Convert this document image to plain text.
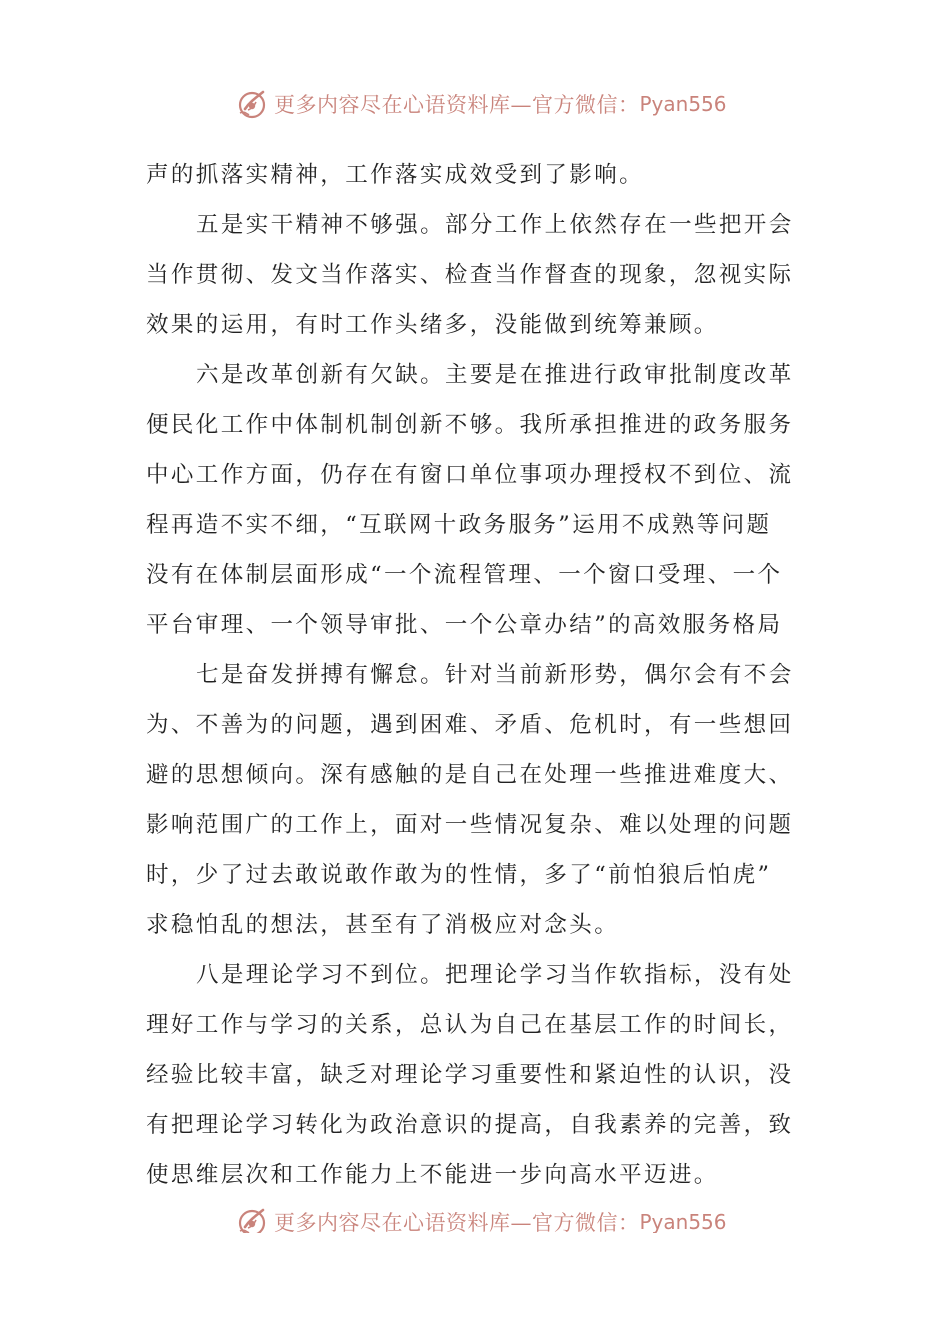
更多内容尽在心语资料库—官方微信： Pyan556
声的抓落实精神，工作落实成效受到了影响。
五是实干精神不够强。部分工作上依然存在一些把开会
当作贯彻、发文当作落实、检查当作督查的现象，忽视实际
效果的运用，有时工作头绪多，没能做到统筹兼顾。
六是改革创新有欠缺。主要是在推进行政审批制度改革
便民化工作中体制机制创新不够。我所承担推进的政务服务
中心工作方面，仍存在有窗口单位事项办理授权不到位、流
程再造不实不细，“互联网十政务服务”运用不成熟等问题
没有在体制层面形成“一个流程管理、一个窗口受理、一个
平台审理、一个领导审批、一个公章办结”的高效服务格局
七是奋发拼搏有懈怠。针对当前新形势，偶尔会有不会
为、不善为的问题，遇到困难、矛盾、危机时，有一些想回
避的思想倾向。深有感触的是自己在处理一些推进难度大、
影响范围广的工作上，面对一些情况复杂、难以处理的问题
时，少了过去敢说敢作敢为的性情，多了“前怕狼后怕虎”
求稳怕乱的想法，甚至有了消极应对念头。
八是理论学习不到位。把理论学习当作软指标，没有处
理好工作与学习的关系，总认为自己在基层工作的时间长，
经验比较丰富，缺乏对理论学习重要性和紧迫性的认识，没
有把理论学习转化为政治意识的提高，自我素养的完善，致
使思维层次和工作能力上不能进一步向高水平迈进。
更多内容尽在心语资料库—官方微信： Pyan556
